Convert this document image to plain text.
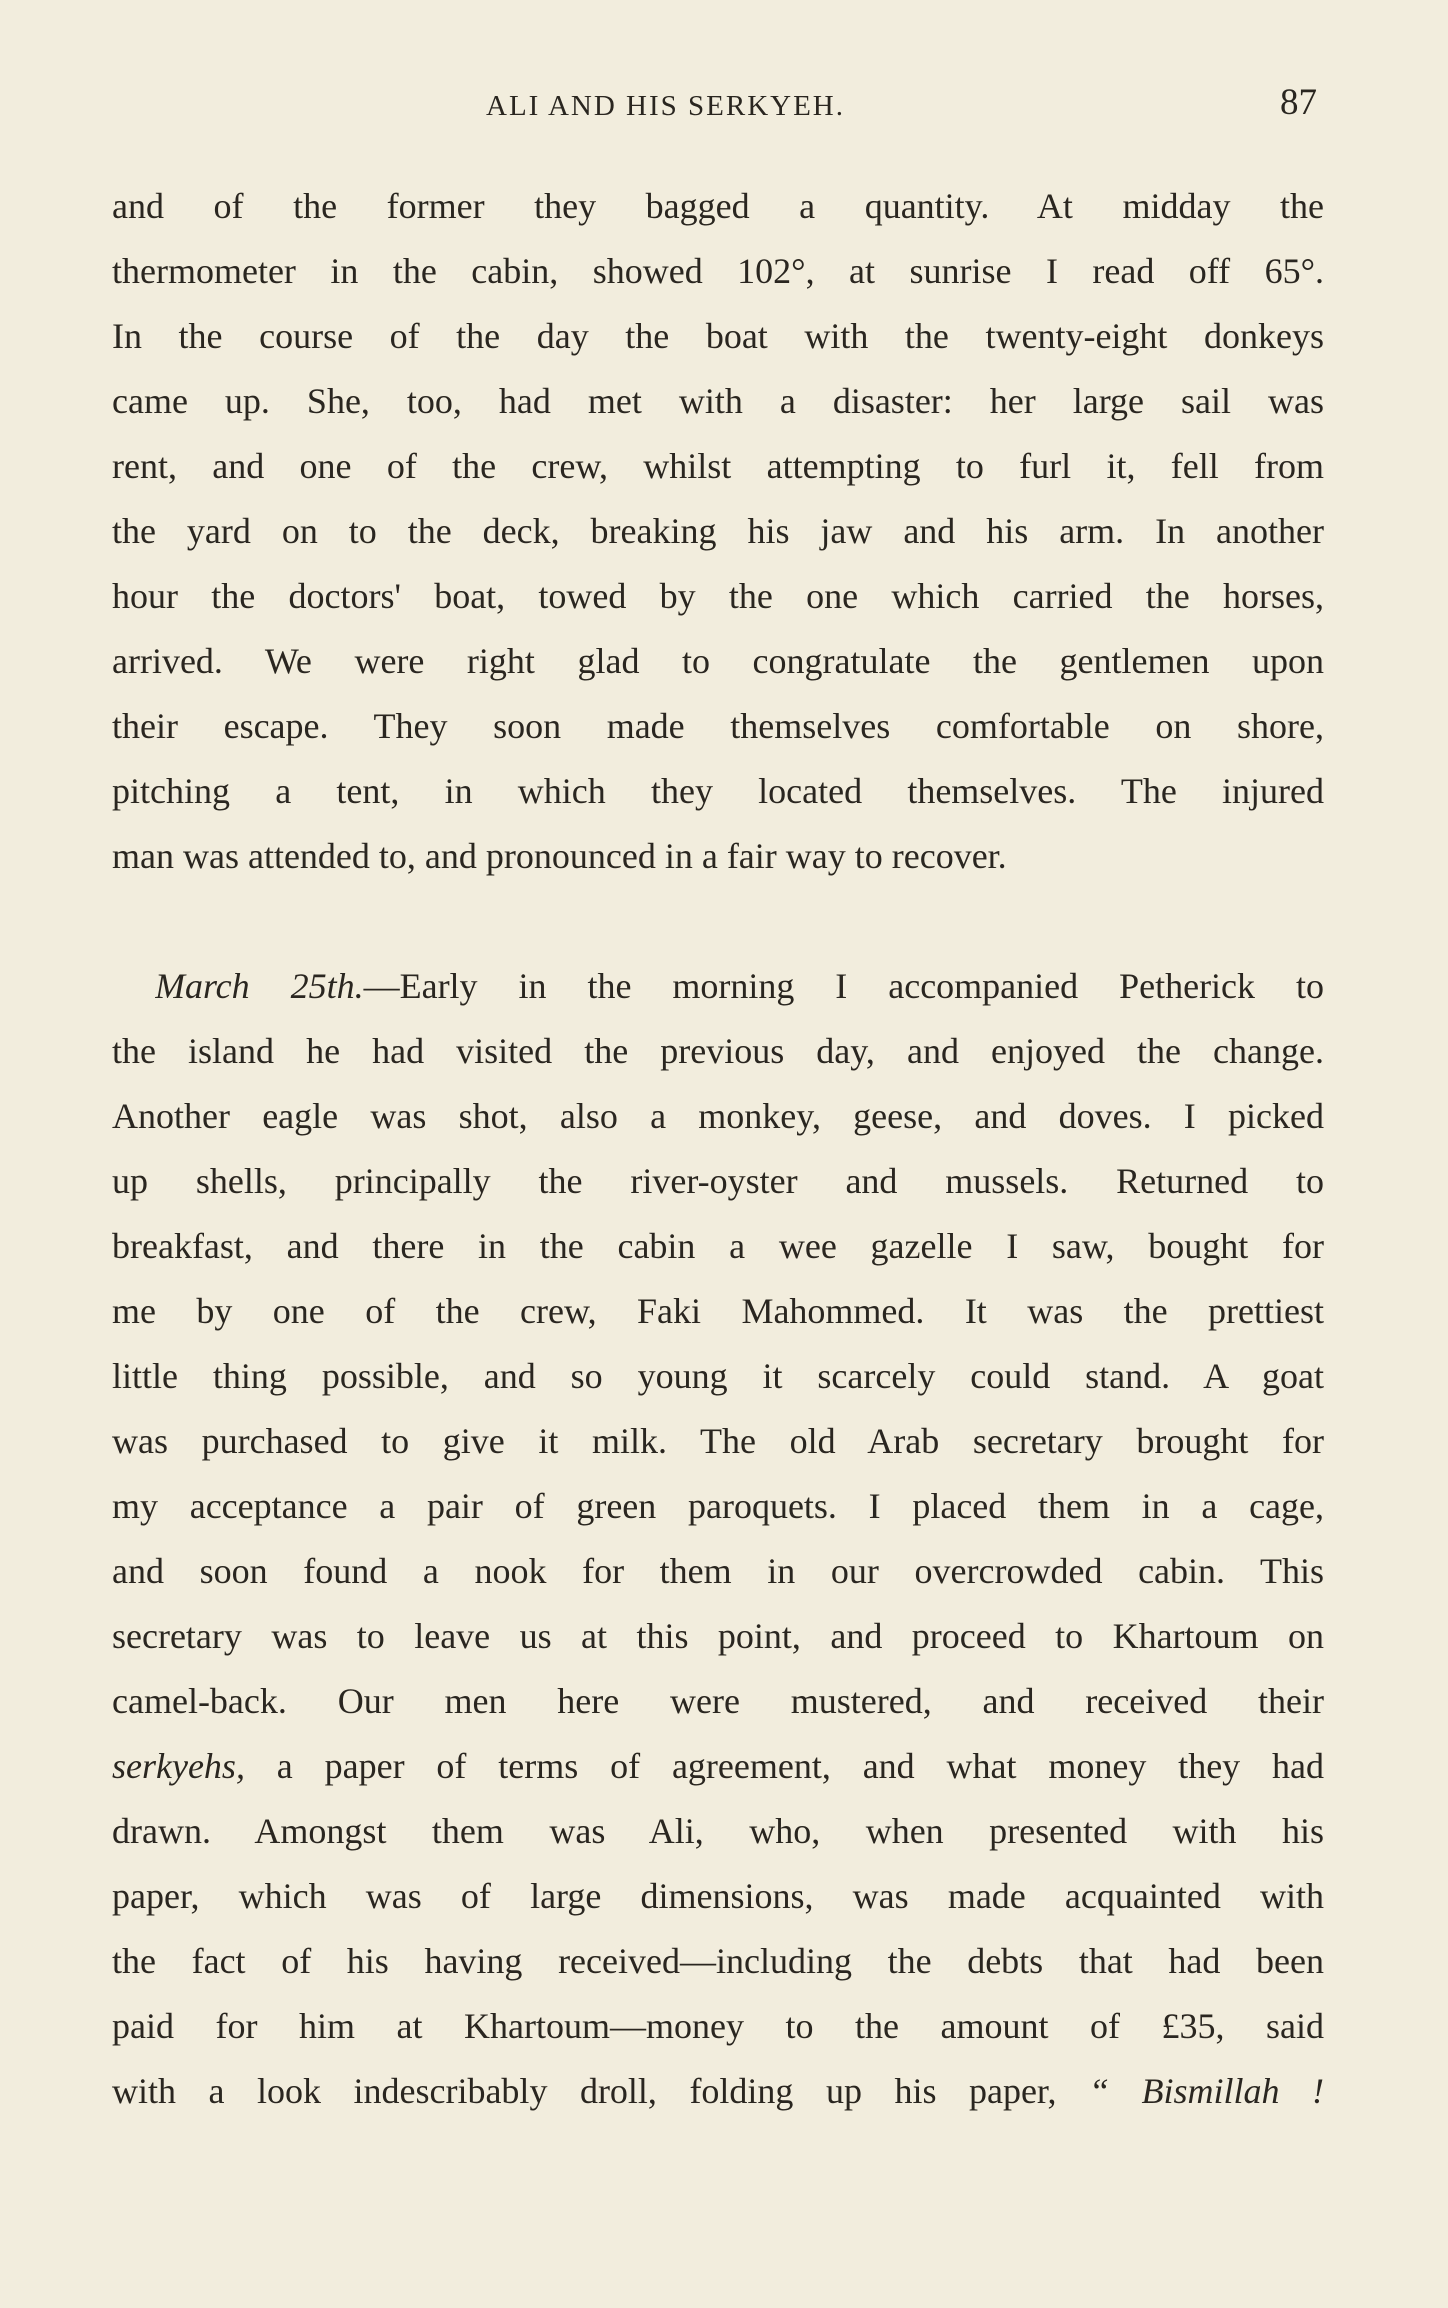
ALI AND HIS SERKYEH.	87
and of the former they bagged a quantity. At midday the
thermometer in the cabin, showed 102°, at sunrise I read off 65°.
In the course of the day the boat with the twenty-eight donkeys
came up. She, too, had met with a disaster: her large sail was
rent, and one of the crew, whilst attempting to furl it, fell from
the yard on to the deck, breaking his jaw and his arm. In another
hour the doctors' boat, towed by the one which carried the horses,
arrived. We were right glad to congratulate the gentlemen upon
their escape. They soon made themselves comfortable on shore,
pitching a tent, in which they located themselves. The injured
man was attended to, and pronounced in a fair way to recover.
March 25th.—Early in the morning I accompanied Petherick to
the island he had visited the previous day, and enjoyed the change.
Another eagle was shot, also a monkey, geese, and doves. I picked
up shells, principally the river-oyster and mussels. Returned to
breakfast, and there in the cabin a wee gazelle I saw, bought for
me by one of the crew, Faki Mahommed. It was the prettiest
little thing possible, and so young it scarcely could stand. A goat
was purchased to give it milk. The old Arab secretary brought for
my acceptance a pair of green paroquets. I placed them in a cage,
and soon found a nook for them in our overcrowded cabin. This
secretary was to leave us at this point, and proceed to Khartoum on
camel-back. Our men here were mustered, and received their
serkyehs, a paper of terms of agreement, and what money they had
drawn. Amongst them was Ali, who, when presented with his
paper, which was of large dimensions, was made acquainted with
the fact of his having received—including the debts that had been
paid for him at Khartoum—money to the amount of £35, said
with a look indescribably droll, folding up his paper, “ Bismillah !
